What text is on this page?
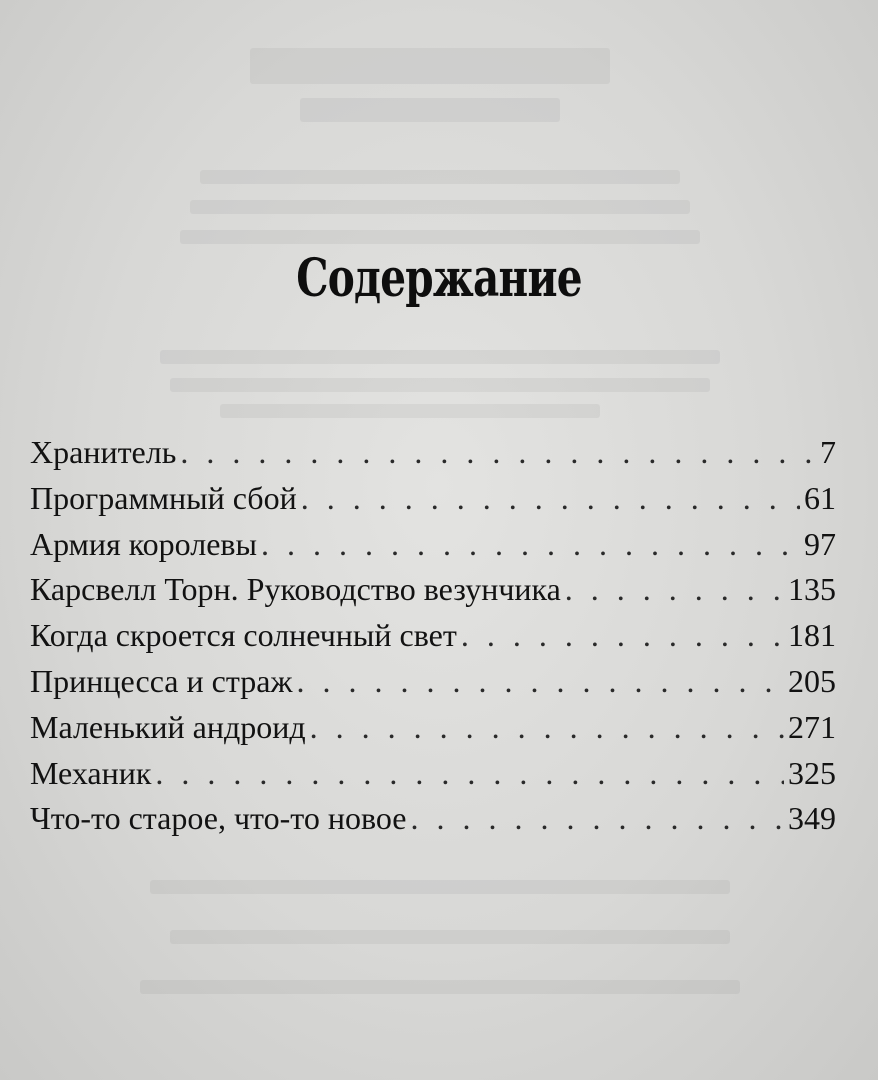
Содержание
Хранитель . . .	7
Программный сбой . . .	61
Армия королевы . . .	97
Карсвелл Торн. Руководство везунчика . . .	135
Когда скроется солнечный свет . . .	181
Принцесса и страж . . .	205
Маленький андроид . . .	271
Механик . . .	325
Что-то старое, что-то новое . . .	349
